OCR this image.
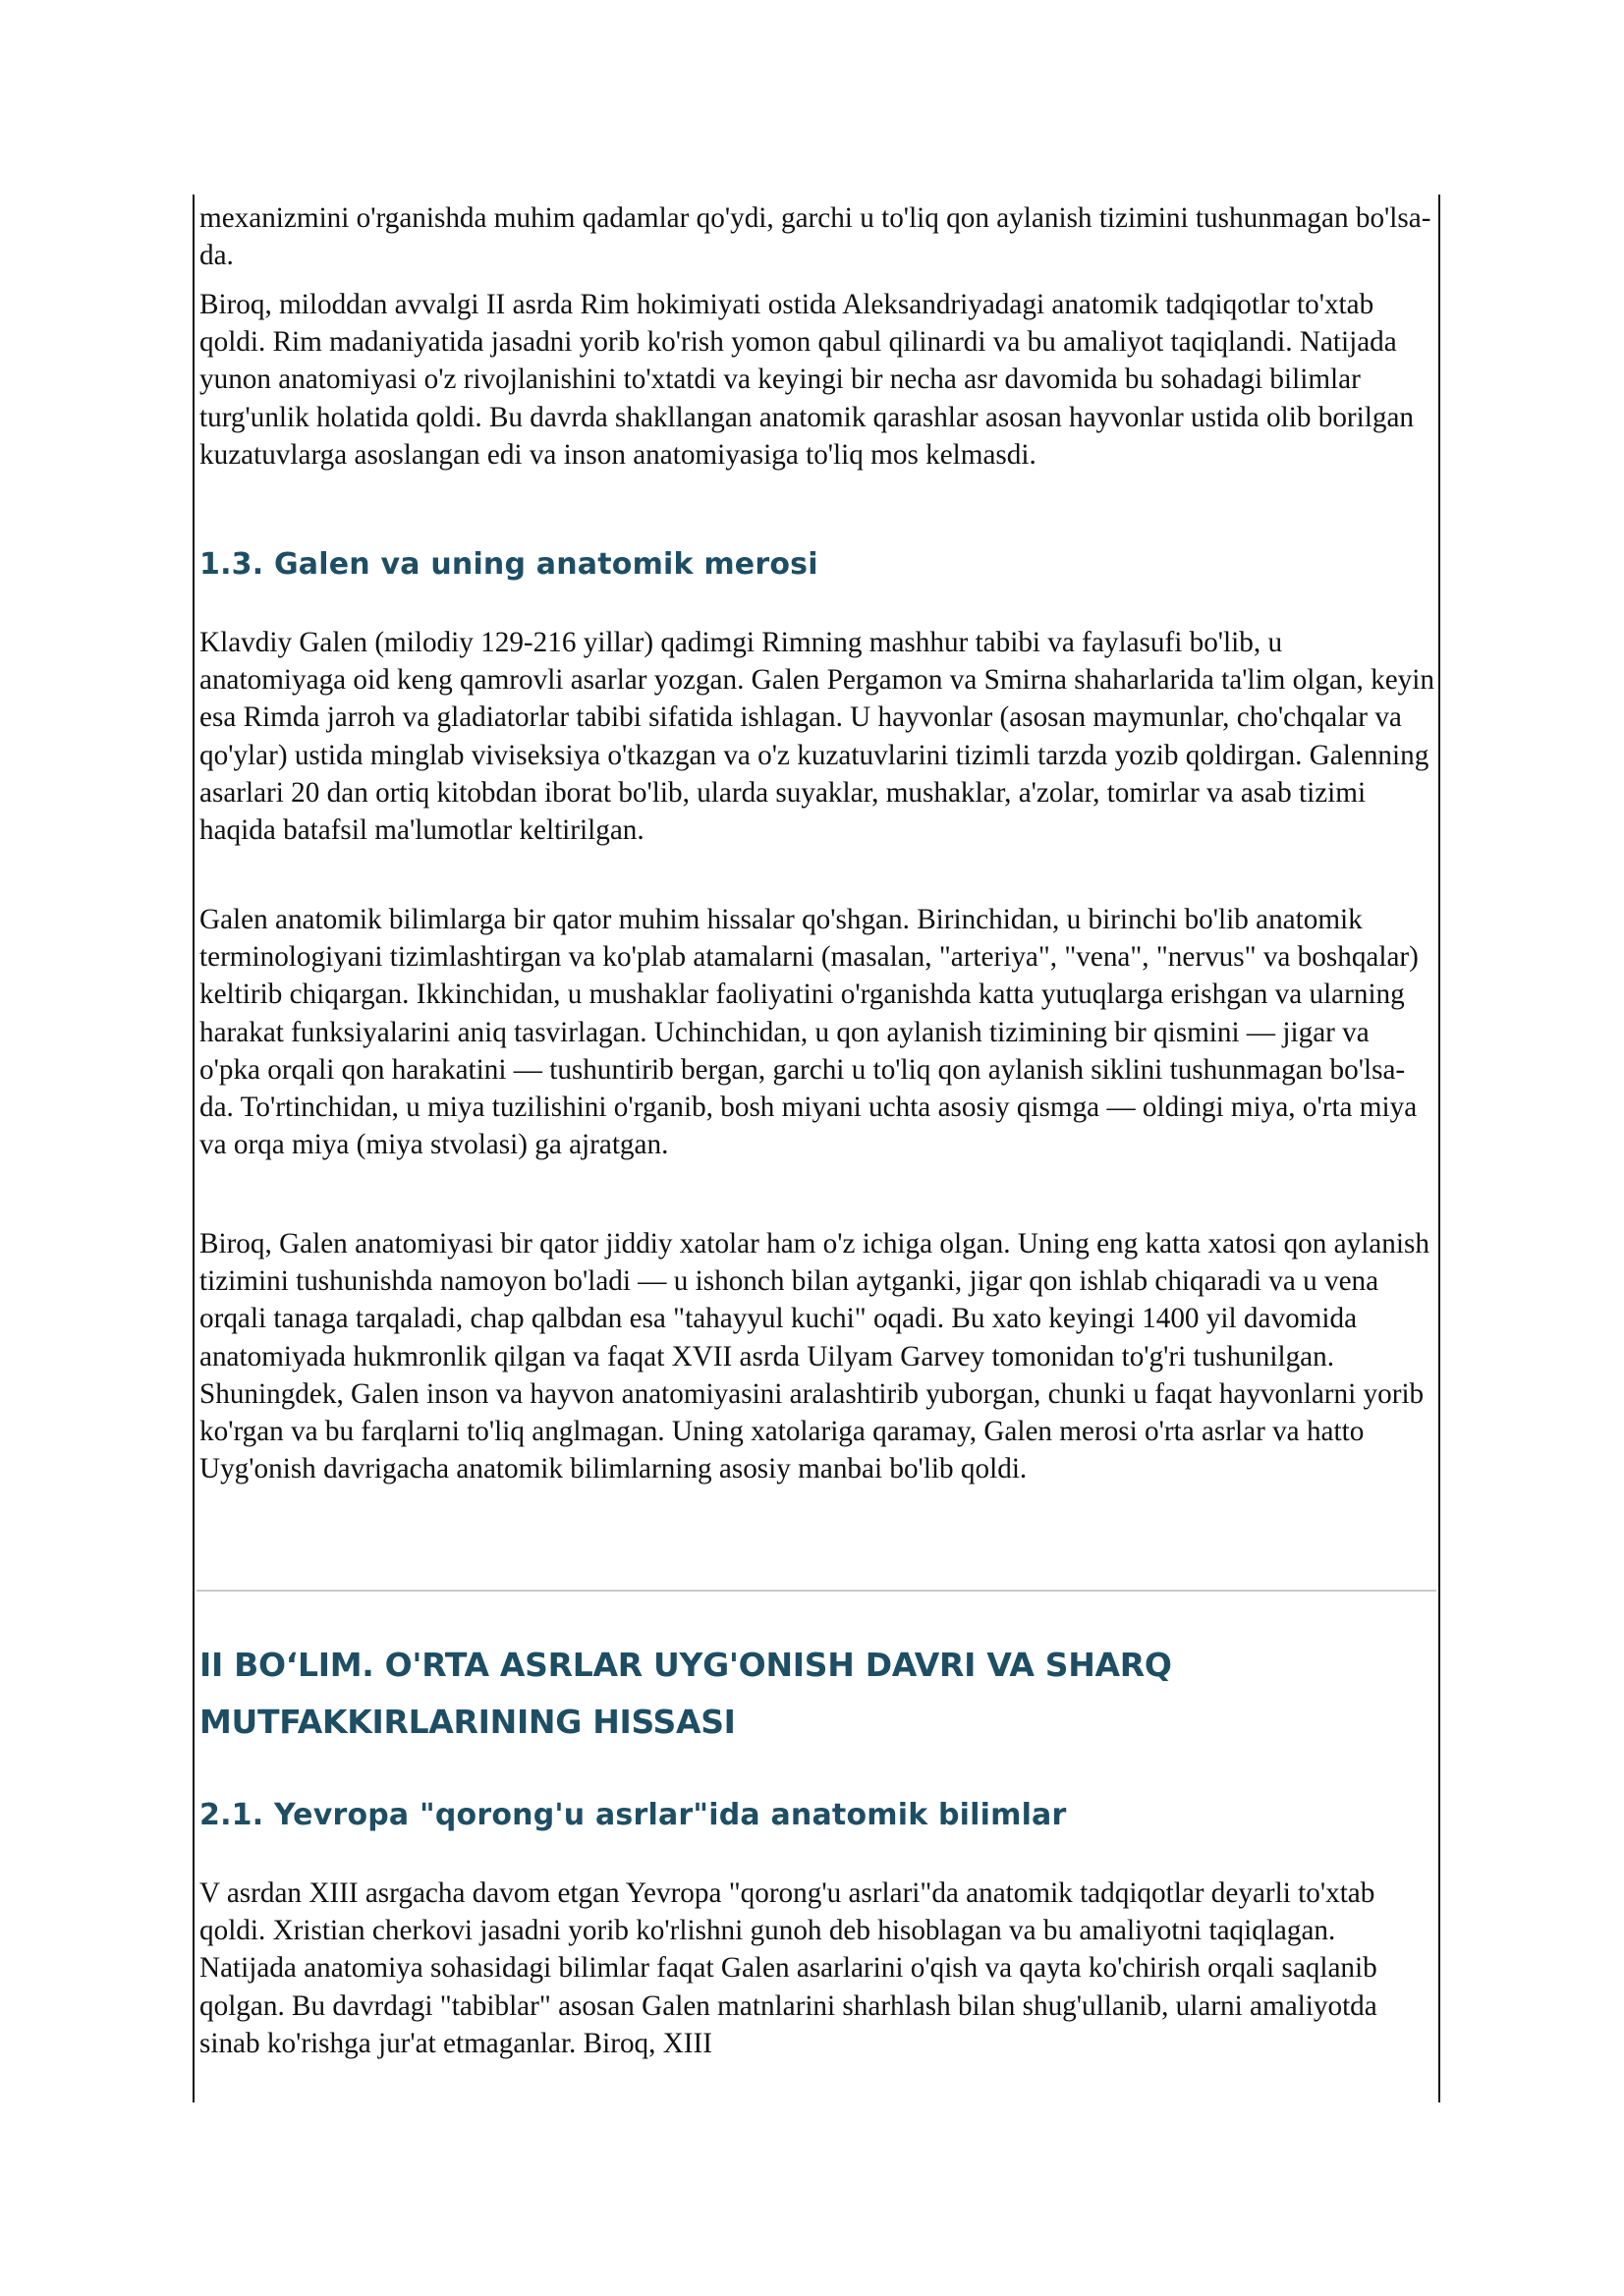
mexanizmini o'rganishda muhim qadamlar qo'ydi, garchi u to'liq qon aylanish tizimini tushunmagan bo'lsa-da.

Biroq, miloddan avvalgi II asrda Rim hokimiyati ostida Aleksandriyadagi anatomik tadqiqotlar to'xtab qoldi. Rim madaniyatida jasadni yorib ko'rish yomon qabul qilinardi va bu amaliyot taqiqlandi. Natijada yunon anatomiyasi o'z rivojlanishini to'xtatdi va keyingi bir necha asr davomida bu sohadagi bilimlar turg'unlik holatida qoldi. Bu davrda shakllangan anatomik qarashlar asosan hayvonlar ustida olib borilgan kuzatuvlarga asoslangan edi va inson anatomiyasiga to'liq mos kelmasdi.

1.3. Galen va uning anatomik merosi

Klavdiy Galen (milodiy 129-216 yillar) qadimgi Rimning mashhur tabibi va faylasufi bo'lib, u anatomiyaga oid keng qamrovli asarlar yozgan. Galen Pergamon va Smirna shaharlarida ta'lim olgan, keyin esa Rimda jarroh va gladiatorlar tabibi sifatida ishlagan. U hayvonlar (asosan maymunlar, cho'chqalar va qo'ylar) ustida minglab viviseksiya o'tkazgan va o'z kuzatuvlarini tizimli tarzda yozib qoldirgan. Galenning asarlari 20 dan ortiq kitobdan iborat bo'lib, ularda suyaklar, mushaklar, a'zolar, tomirlar va asab tizimi haqida batafsil ma'lumotlar keltirilgan.

Galen anatomik bilimlarga bir qator muhim hissalar qo'shgan. Birinchidan, u birinchi bo'lib anatomik terminologiyani tizimlashtirgan va ko'plab atamalarni (masalan, "arteriya", "vena", "nervus" va boshqalar) keltirib chiqargan. Ikkinchidan, u mushaklar faoliyatini o'rganishda katta yutuqlarga erishgan va ularning harakat funksiyalarini aniq tasvirlagan. Uchinchidan, u qon aylanish tizimining bir qismini — jigar va o'pka orqali qon harakatini — tushuntirib bergan, garchi u to'liq qon aylanish siklini tushunmagan bo'lsa-da. To'rtinchidan, u miya tuzilishini o'rganib, bosh miyani uchta asosiy qismga — oldingi miya, o'rta miya va orqa miya (miya stvolasi) ga ajratgan.

Biroq, Galen anatomiyasi bir qator jiddiy xatolar ham o'z ichiga olgan. Uning eng katta xatosi qon aylanish tizimini tushunishda namoyon bo'ladi — u ishonch bilan aytganki, jigar qon ishlab chiqaradi va u vena orqali tanaga tarqaladi, chap qalbdan esa "tahayyul kuchi" oqadi. Bu xato keyingi 1400 yil davomida anatomiyada hukmronlik qilgan va faqat XVII asrda Uilyam Garvey tomonidan to'g'ri tushunilgan. Shuningdek, Galen inson va hayvon anatomiyasini aralashtirib yuborgan, chunki u faqat hayvonlarni yorib ko'rgan va bu farqlarni to'liq anglmagan. Uning xatolariga qaramay, Galen merosi o'rta asrlar va hatto Uyg'onish davrigacha anatomik bilimlarning asosiy manbai bo'lib qoldi.

II BO‘LIM. O'RTA ASRLAR UYG'ONISH DAVRI VA SHARQ MUTFAKKIRLARINING HISSASI
2.1. Yevropa "qorong'u asrlar"ida anatomik bilimlar

V asrdan XIII asrgacha davom etgan Yevropa "qorong'u asrlari"da anatomik tadqiqotlar deyarli to'xtab qoldi. Xristian cherkovi jasadni yorib ko'rlishni gunoh deb hisoblagan va bu amaliyotni taqiqlagan. Natijada anatomiya sohasidagi bilimlar faqat Galen asarlarini o'qish va qayta ko'chirish orqali saqlanib qolgan. Bu davrdagi "tabiblar" asosan Galen matnlarini sharhlash bilan shug'ullanib, ularni amaliyotda sinab ko'rishga jur'at etmaganlar. Biroq, XIII
